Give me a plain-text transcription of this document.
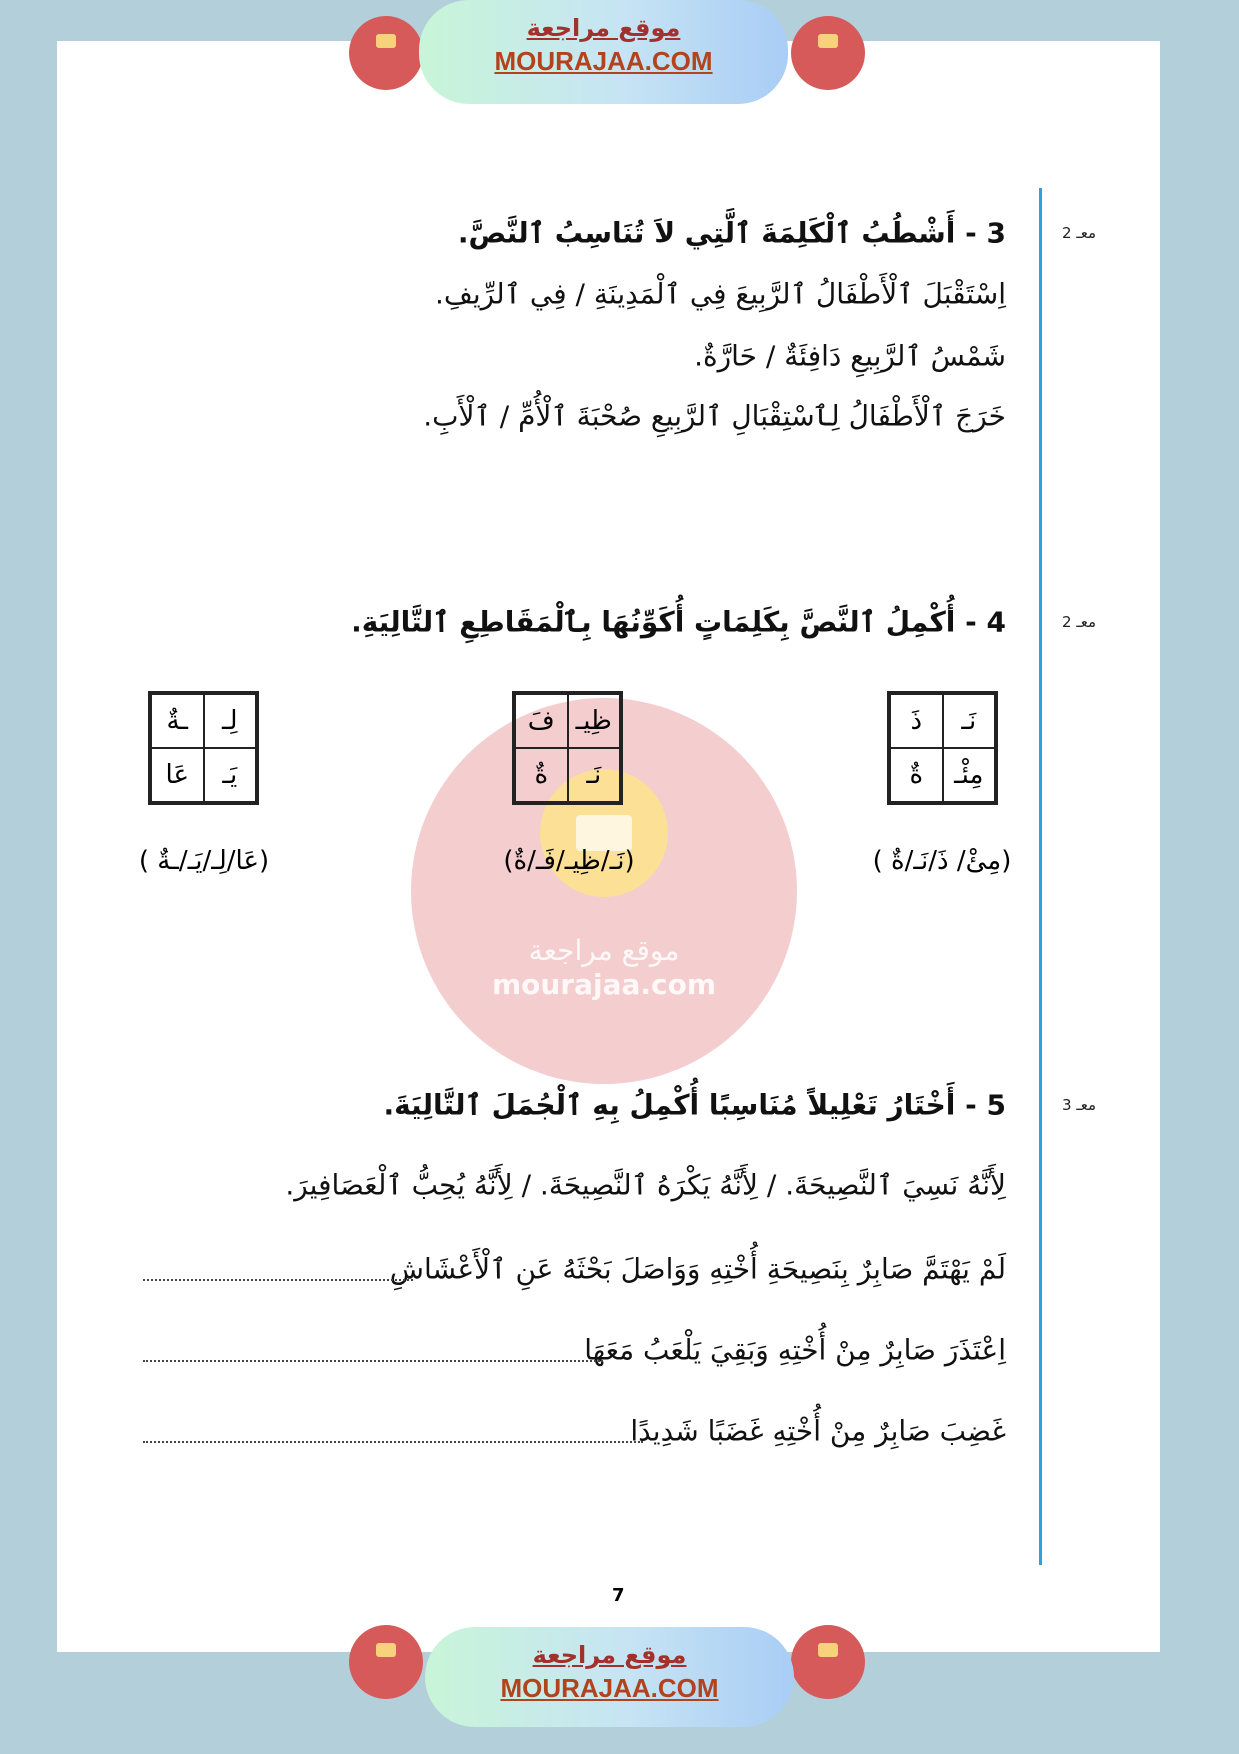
موقع مراجعة
MOURAJAA.COM
موقع مراجعة
mourajaa.com
معـ 2
3 - أَشْطُبُ ٱلْكَلِمَةَ ٱلَّتِي لاَ تُنَاسِبُ ٱلنَّصَّ.
اِسْتَقْبَلَ ٱلْأَطْفَالُ ٱلرَّبِيعَ فِي ٱلْمَدِينَةِ / فِي ٱلرِّيفِ.
شَمْسُ ٱلرَّبِيعِ دَافِئَةٌ / حَارَّةٌ.
خَرَجَ ٱلْأَطْفَالُ لِٱسْتِقْبَالِ ٱلرَّبِيعِ صُحْبَةَ ٱلْأُمِّ / ٱلْأَبِ.
معـ 2
4 - أُكْمِلُ ٱلنَّصَّ بِكَلِمَاتٍ أُكَوِّنُهَا بِٱلْمَقَاطِعِ ٱلتَّالِيَةِ.
نَـ
ذَ
مِئْـ
ةٌ
ظِيـ
فَ
نَـ
ةٌ
لِـ
ـةٌ
يَـ
عَا
(مِئْ/ ذَ/نَـ/ةٌ )
(نَـ/ظِيـ/فَـ/ةٌ)
(عَا/لِـ/يَـ/ـةٌ )
معـ 3
5 - أَخْتَارُ تَعْلِيلاً مُنَاسِبًا أُكْمِلُ بِهِ ٱلْجُمَلَ ٱلتَّالِيَةَ.
لِأَنَّهُ نَسِيَ ٱلنَّصِيحَةَ. / لِأَنَّهُ يَكْرَهُ ٱلنَّصِيحَةَ. / لِأَنَّهُ يُحِبُّ ٱلْعَصَافِيرَ.
لَمْ يَهْتَمَّ صَابِرٌ بِنَصِيحَةِ أُخْتِهِ وَوَاصَلَ بَحْثَهُ عَنِ ٱلْأَعْشَاشِ
اِعْتَذَرَ صَابِرٌ مِنْ أُخْتِهِ وَبَقِيَ يَلْعَبُ مَعَهَا
غَضِبَ صَابِرٌ مِنْ أُخْتِهِ غَضَبًا شَدِيدًا
7
موقع مراجعة
MOURAJAA.COM
